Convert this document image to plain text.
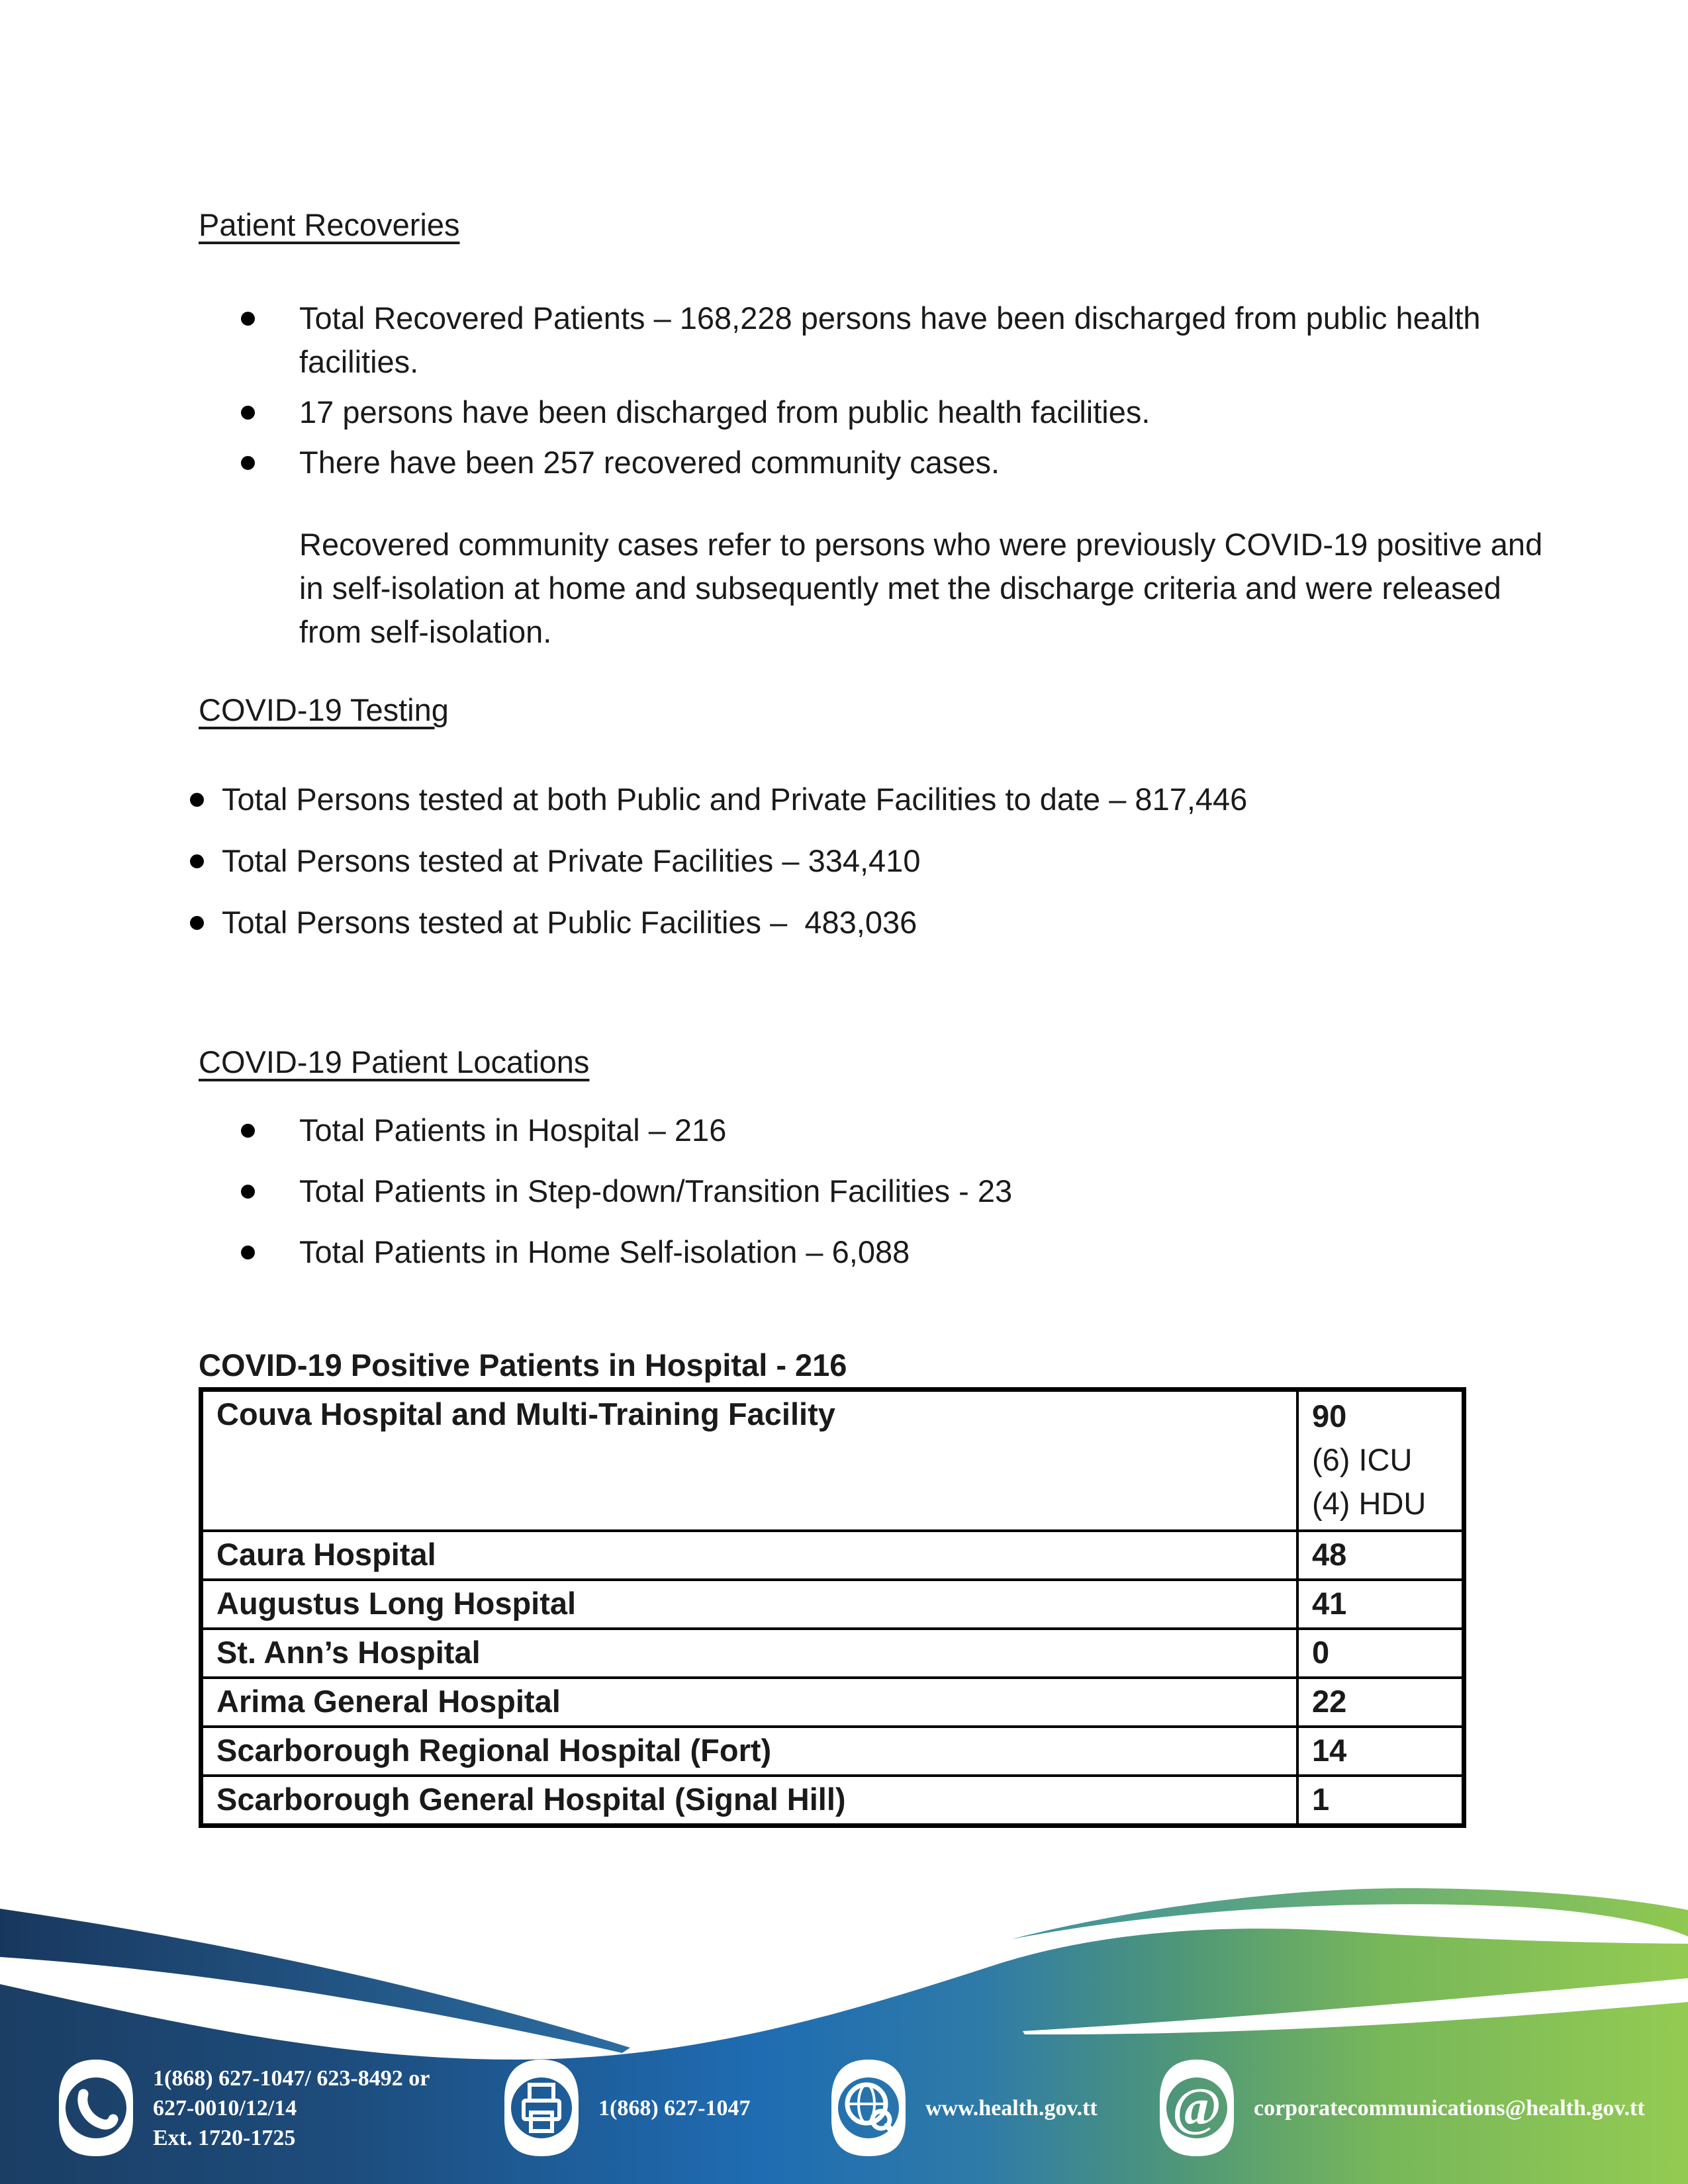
Patient Recoveries
Total Recovered Patients – 168,228 persons have been discharged from public health facilities.
17 persons have been discharged from public health facilities.
There have been 257 recovered community cases.

Recovered community cases refer to persons who were previously COVID-19 positive and in self-isolation at home and subsequently met the discharge criteria and were released from self-isolation.

COVID-19 Testing
Total Persons tested at both Public and Private Facilities to date – 817,446
Total Persons tested at Private Facilities – 334,410
Total Persons tested at Public Facilities –  483,036
COVID-19 Patient Locations
Total Patients in Hospital – 216
Total Patients in Step-down/Transition Facilities - 23
Total Patients in Home Self-isolation – 6,088

COVID-19 Positive Patients in Hospital - 216

Couva Hospital and Multi-Training Facility	90
(6) ICU
(4) HDU

Caura Hospital	48
Augustus Long Hospital	41
St. Ann’s Hospital	0
Arima General Hospital	22
Scarborough Regional Hospital (Fort)	14
Scarborough General Hospital (Signal Hill)	1
1(868) 627-1047/ 623-8492 or
627-0010/12/14
Ext. 1720-1725
1(868) 627-1047	www.health.gov.tt @ corporatecommunications@health.gov.tt
